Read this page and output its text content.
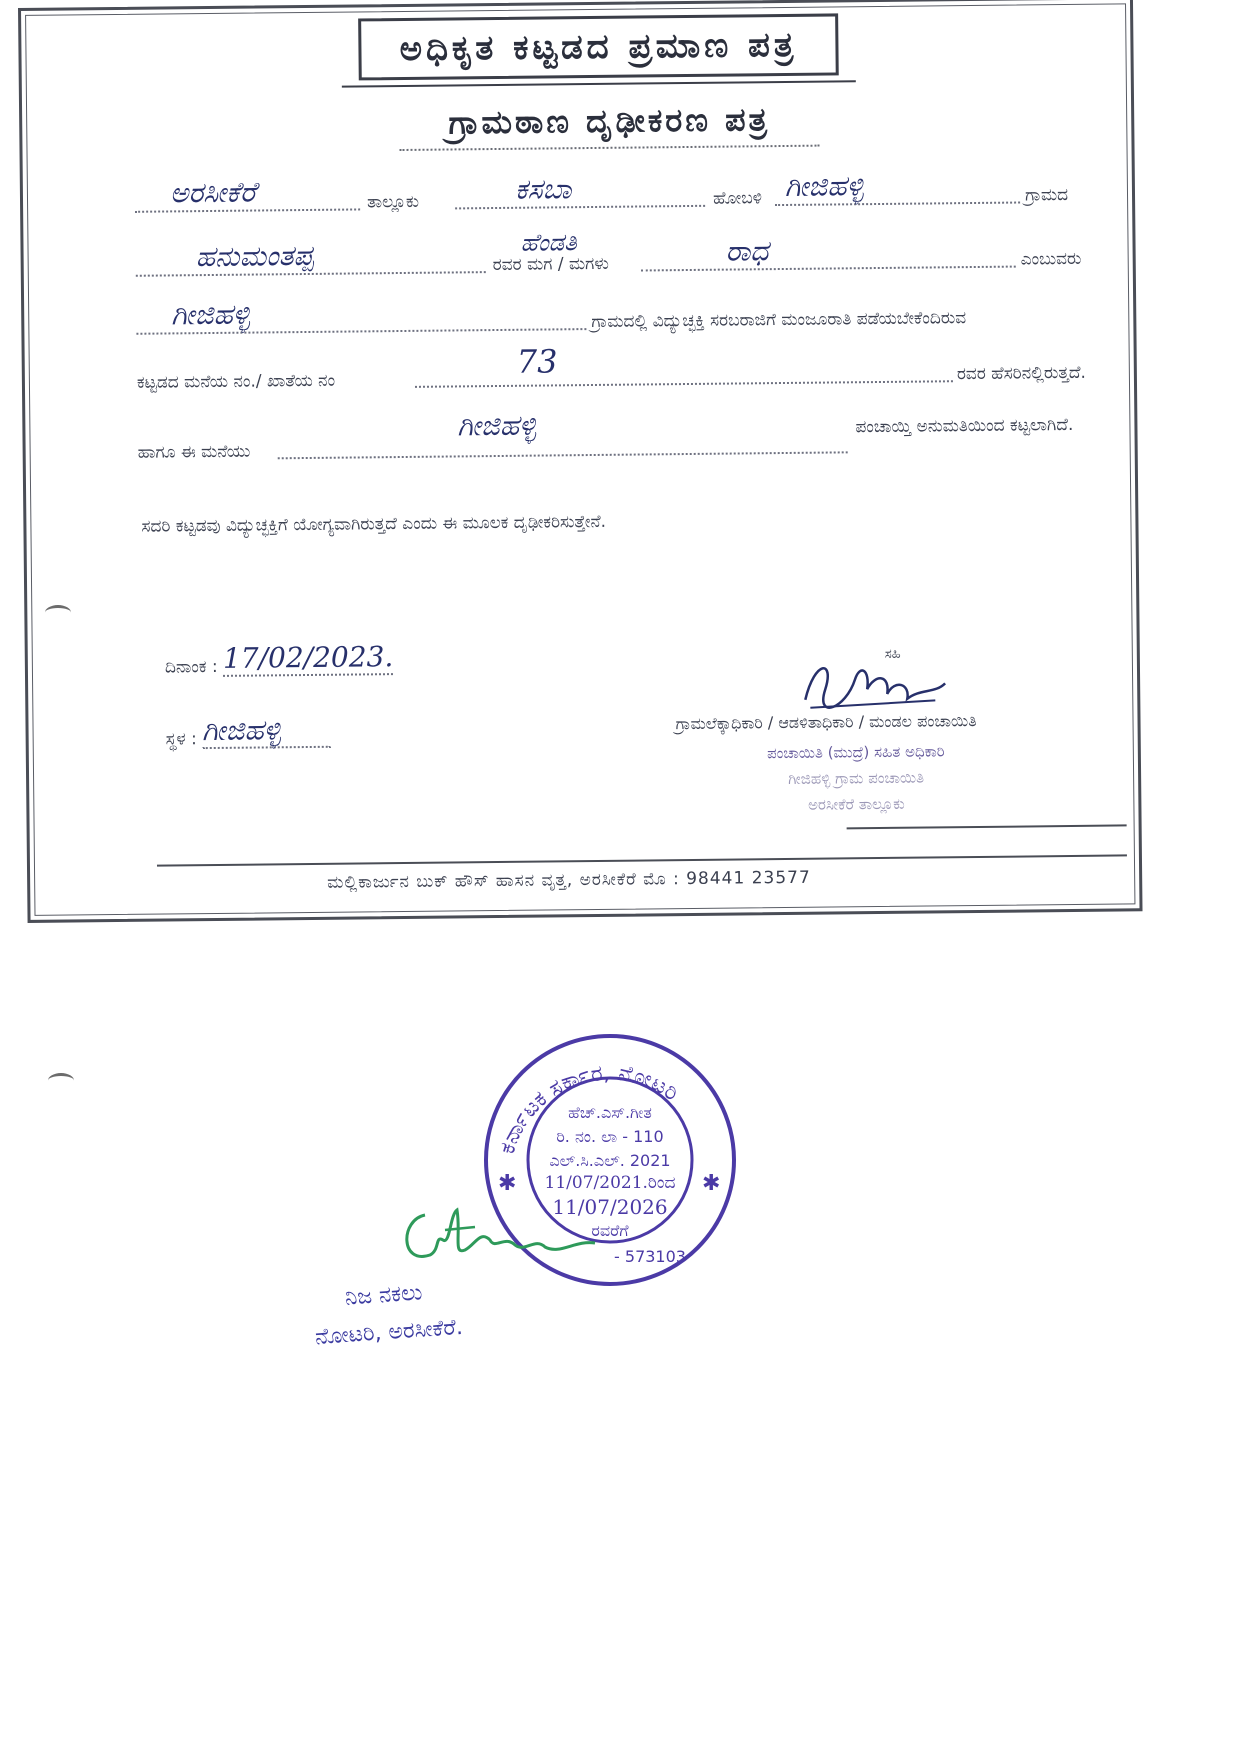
ಅಧಿಕೃತ ಕಟ್ಟಡದ ಪ್ರಮಾಣ ಪತ್ರ
ಗ್ರಾಮಠಾಣ ದೃಢೀಕರಣ ಪತ್ರ
ಅರಸೀಕೆರೆ	ತಾಲ್ಲೂಕು	ಕಸಬಾ	ಹೋಬಳಿ ಗೀಜಿಹಳ್ಳಿ	ಗ್ರಾಮದ
ಹನುಮಂತಪ್ಪ	ರವರ ಮಗ / ಮಗಳು
ಹೆಂಡತಿ	ರಾಧ	ಎಂಬುವರು
ಗೀಜಿಹಳ್ಳಿ	ಗ್ರಾಮದಲ್ಲಿ ವಿದ್ಯುಚ್ಛಕ್ತಿ ಸರಬರಾಜಿಗೆ ಮಂಜೂರಾತಿ ಪಡೆಯಬೇಕೆಂದಿರುವ
ಕಟ್ಟಡದ ಮನೆಯ ನಂ./ ಖಾತೆಯ ನಂ
73	ರವರ ಹೆಸರಿನಲ್ಲಿರುತ್ತದೆ.
ಹಾಗೂ ಈ ಮನೆಯು
ಗೀಜಿಹಳ್ಳಿ	ಪಂಚಾಯ್ತಿ ಅನುಮತಿಯಿಂದ ಕಟ್ಟಲಾಗಿದೆ.
ಸದರಿ ಕಟ್ಟಡವು ವಿದ್ಯುಚ್ಛಕ್ತಿಗೆ ಯೋಗ್ಯವಾಗಿರುತ್ತದೆ ಎಂದು ಈ ಮೂಲಕ ದೃಢೀಕರಿಸುತ್ತೇನೆ.
ದಿನಾಂಕ : 17/02/2023.
ಸ್ಥಳ : ಗೀಜಿಹಳ್ಳಿ
ಸಹಿ
ಗ್ರಾಮಲೆಕ್ಕಾಧಿಕಾರಿ / ಆಡಳಿತಾಧಿಕಾರಿ / ಮಂಡಲ ಪಂಚಾಯಿತಿ
ಪಂಚಾಯಿತಿ (ಮುದ್ರೆ) ಸಹಿತ ಅಧಿಕಾರಿ
ಗೀಜಿಹಳ್ಳಿ ಗ್ರಾಮ ಪಂಚಾಯಿತಿ
ಅರಸೀಕೆರೆ ತಾಲ್ಲೂಕು
ಮಲ್ಲಿಕಾರ್ಜುನ ಬುಕ್ ಹೌಸ್ ಹಾಸನ ವೃತ್ತ, ಅರಸೀಕೆರೆ ಮೊ : 98441 23577
ಕರ್ನಾಟಕ ಸರ್ಕಾರ, ನೋಟರಿ
✱	✱
ಹೆಚ್.ಎಸ್.ಗೀತ
ರಿ. ನಂ. ಲಾ - 110
ಎಲ್.ಸಿ.ಎಲ್. 2021
11/07/2021.ರಿಂದ
11/07/2026
ರವರೆಗೆ
- 573103
ನಿಜ ನಕಲು
ನೋಟರಿ, ಅರಸೀಕೆರೆ.
